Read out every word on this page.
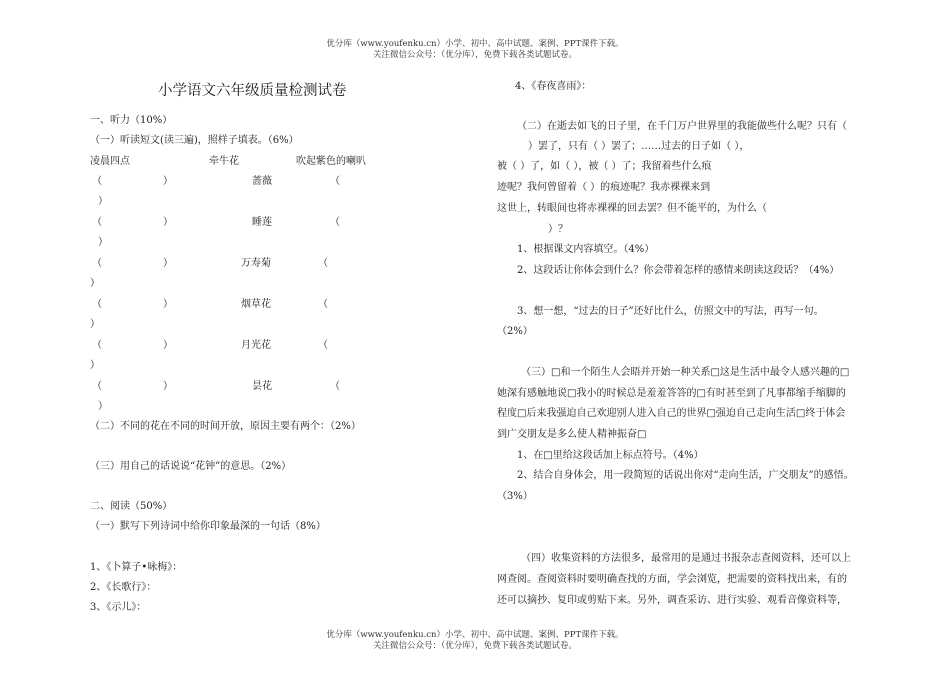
优分库（www.youfenku.cn）小学、初中、高中试题、案例、PPT课件下载。
关注微信公众号：（优分库），免费下载各类试题试卷。
小学语文六年级质量检测试卷
一、听力（10%）
（一）听读短文(读三遍)，照样子填表。（6%）
凌晨四点	牵牛花	吹起紫色的喇叭
（	）	蔷薇	（
）
（	）	睡莲	（
）
（	）	万寿菊	（
）
（	）	烟草花	（
）
（	）	月光花	（
）
（	）	昙花	（
）
（二）不同的花在不同的时间开放，原因主要有两个：（2%）
（三）用自己的话说说“花钟”的意思。（2%）
二、阅读（50%）
（一）默写下列诗词中给你印象最深的一句话（8%）
1、《卜算子•咏梅》：
2、《长歌行》：
3、《示儿》：
4、《春夜喜雨》：
（二）在逝去如飞的日子里，在千门万户世界里的我能做些什么呢？只有（
）罢了，只有（ ）罢了；……过去的日子如（ ），
被（ ）了，如（ ），被（ ）了；我留着些什么痕
迹呢？我何曾留着（ ）的痕迹呢？我赤裸裸来到
这世上，转眼间也将赤裸裸的回去罢？但不能平的，为什么（
）？
1、根据课文内容填空。（4%）
2、这段话让你体会到什么？你会带着怎样的感情来朗读这段话？（4%）
3、想一想，“过去的日子”还好比什么，仿照文中的写法，再写一句。
（2%）
（三）□和一个陌生人会晤并开始一种关系□这是生活中最令人感兴趣的□
她深有感触地说□我小的时候总是羞羞答答的□有时甚至到了凡事都缩手缩脚的
程度□后来我强迫自己欢迎别人进入自己的世界□强迫自己走向生活□终于体会
到广交朋友是多么使人精神振奋□
1、在□里给这段话加上标点符号。（4%）
2、结合自身体会，用一段简短的话说出你对“走向生活，广交朋友”的感悟。
（3%）
（四）收集资料的方法很多，最常用的是通过书报杂志查阅资料，还可以上
网查阅。查阅资料时要明确查找的方面，学会浏览，把需要的资料找出来，有的
还可以摘抄、复印或剪贴下来。另外，调查采访、进行实验、观看音像资料等，
优分库（www.youfenku.cn）小学、初中、高中试题、案例、PPT课件下载。
关注微信公众号：（优分库），免费下载各类试题试卷。
